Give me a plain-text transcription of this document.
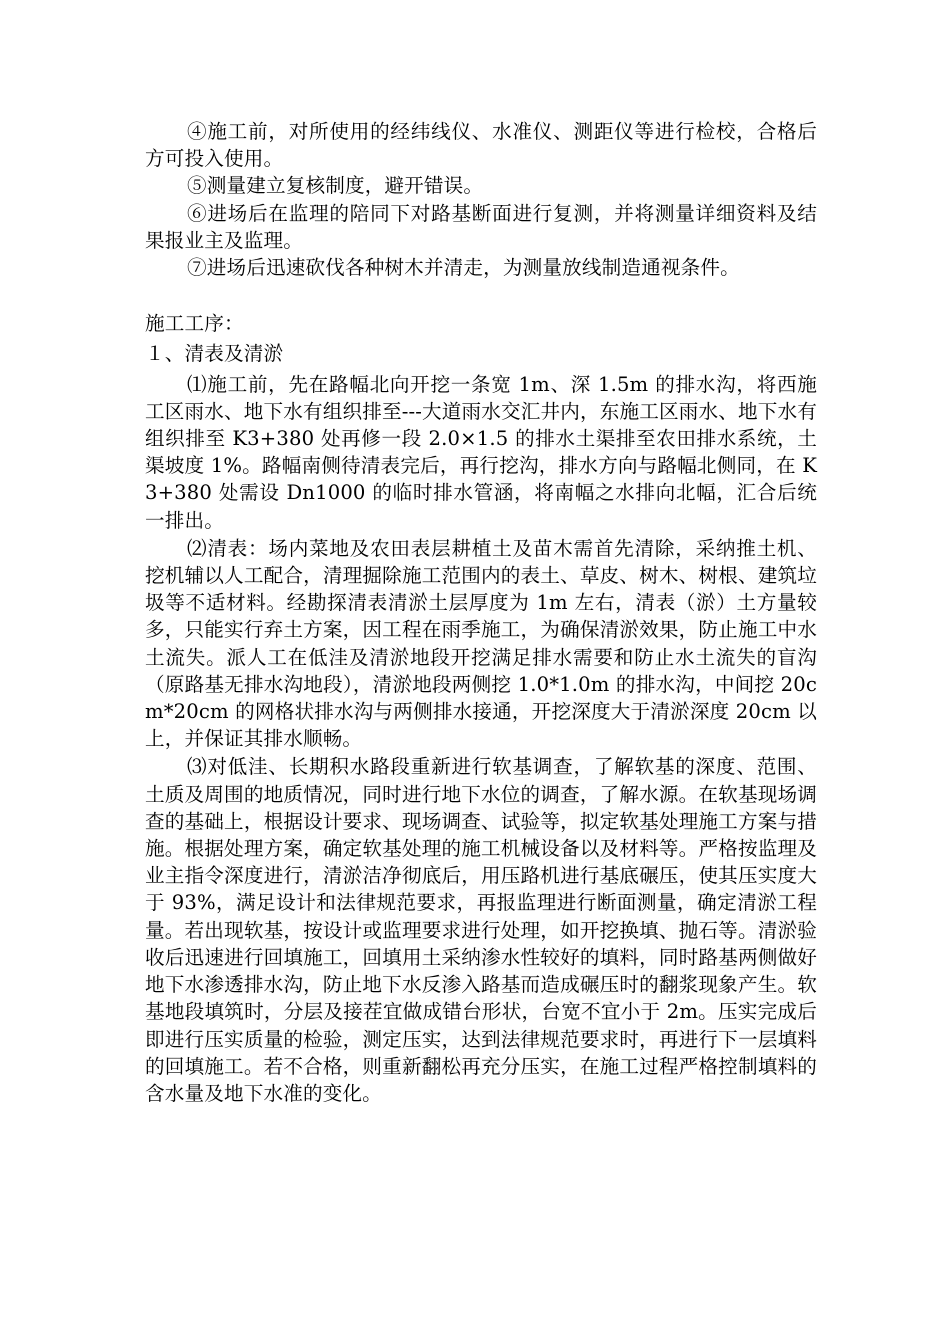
④施工前，对所使用的经纬线仪、水准仪、测距仪等进行检校，合格后方可投入使用。

⑤测量建立复核制度，避开错误。

⑥进场后在监理的陪同下对路基断面进行复测，并将测量详细资料及结果报业主及监理。

⑦进场后迅速砍伐各种树木并清走，为测量放线制造通视条件。

施工工序：

１、清表及清淤

⑴施工前，先在路幅北向开挖一条宽 1m、深 1.5m 的排水沟，将西施工区雨水、地下水有组织排至---大道雨水交汇井内，东施工区雨水、地下水有组织排至 K3+380 处再修一段 2.0×1.5 的排水土渠排至农田排水系统，土渠坡度 1%。路幅南侧待清表完后，再行挖沟，排水方向与路幅北侧同，在 K3+380 处需设 Dn1000 的临时排水管涵，将南幅之水排向北幅，汇合后统一排出。

⑵清表：场内菜地及农田表层耕植土及苗木需首先清除，采纳推土机、挖机辅以人工配合，清理掘除施工范围内的表土、草皮、树木、树根、建筑垃圾等不适材料。经勘探清表清淤土层厚度为 1m 左右，清表（淤）土方量较多，只能实行弃土方案，因工程在雨季施工，为确保清淤效果，防止施工中水土流失。派人工在低洼及清淤地段开挖满足排水需要和防止水土流失的盲沟（原路基无排水沟地段），清淤地段两侧挖 1.0*1.0m 的排水沟，中间挖 20cm*20cm 的网格状排水沟与两侧排水接通，开挖深度大于清淤深度 20cm 以上，并保证其排水顺畅。

⑶对低洼、长期积水路段重新进行软基调查，了解软基的深度、范围、土质及周围的地质情况，同时进行地下水位的调查，了解水源。在软基现场调查的基础上，根据设计要求、现场调查、试验等，拟定软基处理施工方案与措施。根据处理方案，确定软基处理的施工机械设备以及材料等。严格按监理及业主指令深度进行，清淤洁净彻底后，用压路机进行基底碾压，使其压实度大于 93%，满足设计和法律规范要求，再报监理进行断面测量，确定清淤工程量。若出现软基，按设计或监理要求进行处理，如开挖换填、抛石等。清淤验收后迅速进行回填施工，回填用土采纳渗水性较好的填料，同时路基两侧做好地下水渗透排水沟，防止地下水反渗入路基而造成碾压时的翻浆现象产生。软基地段填筑时，分层及接茬宜做成错台形状，台宽不宜小于 2m。压实完成后即进行压实质量的检验，测定压实，达到法律规范要求时，再进行下一层填料的回填施工。若不合格，则重新翻松再充分压实，在施工过程严格控制填料的含水量及地下水准的变化。
